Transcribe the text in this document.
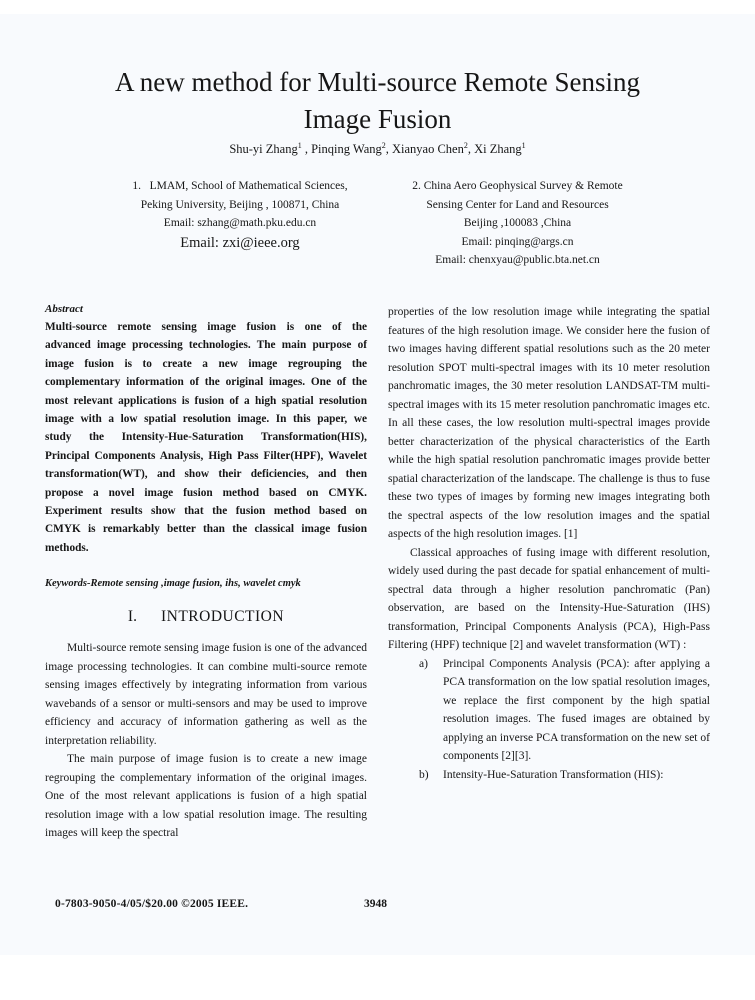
A new method for Multi-source Remote Sensing
Image Fusion
Shu-yi Zhang$^1$ , Pinqing Wang$^2$, Xianyao Chen$^2$, Xi Zhang$^1$
1.   LMAM, School of Mathematical Sciences,
Peking University, Beijing , 100871, China
Email: szhang@math.pku.edu.cn
Email: zxi@ieee.org
2. China Aero Geophysical Survey & Remote
Sensing Center for Land and Resources
Beijing ,100083 ,China
Email: pinqing@args.cn
Email: chenxyau@public.bta.net.cn
Abstract

Multi-source remote sensing image fusion is one of the advanced image processing technologies. The main purpose of image fusion is to create a new image regrouping the complementary information of the original images. One of the most relevant applications is fusion of a high spatial resolution image with a low spatial resolution image. In this paper, we study the Intensity-Hue-Saturation Transformation(HIS), Principal Components Analysis, High Pass Filter(HPF), Wavelet transformation(WT), and show their deficiencies, and then propose a novel image fusion method based on CMYK. Experiment results show that the fusion method based on CMYK is remarkably better than the classical image fusion methods.

Keywords-Remote sensing ,image fusion, ihs, wavelet cmyk

I. INTRODUCTION

Multi-source remote sensing image fusion is one of the advanced image processing technologies. It can combine multi-source remote sensing images effectively by integrating information from various wavebands of a sensor or multi-sensors and may be used to improve efficiency and accuracy of information gathering as well as the interpretation reliability.

The main purpose of image fusion is to create a new image regrouping the complementary information of the original images. One of the most relevant applications is fusion of a high spatial resolution image with a low spatial resolution image. The resulting images will keep the spectral

properties of the low resolution image while integrating the spatial features of the high resolution image. We consider here the fusion of two images having different spatial resolutions such as the 20 meter resolution SPOT multi-spectral images with its 10 meter resolution panchromatic images, the 30 meter resolution LANDSAT-TM multi-spectral images with its 15 meter resolution panchromatic images etc. In all these cases, the low resolution multi-spectral images provide better characterization of the physical characteristics of the Earth while the high spatial resolution panchromatic images provide better spatial characterization of the landscape. The challenge is thus to fuse these two types of images by forming new images integrating both the spectral aspects of the low resolution images and the spatial aspects of the high resolution images. [1]

Classical approaches of fusing image with different resolution, widely used during the past decade for spatial enhancement of multi-spectral data through a higher resolution panchromatic (Pan) observation, are based on the Intensity-Hue-Saturation (IHS) transformation, Principal Components Analysis (PCA), High-Pass Filtering (HPF) technique [2] and wavelet transformation (WT) :

a) Principal Components Analysis (PCA): after applying a PCA transformation on the low spatial resolution images, we replace the first component by the high spatial resolution images. The fused images are obtained by applying an inverse PCA transformation on the new set of components [2][3].
b) Intensity-Hue-Saturation Transformation (HIS):
0-7803-9050-4/05/$20.00 ©2005 IEEE.	3948
